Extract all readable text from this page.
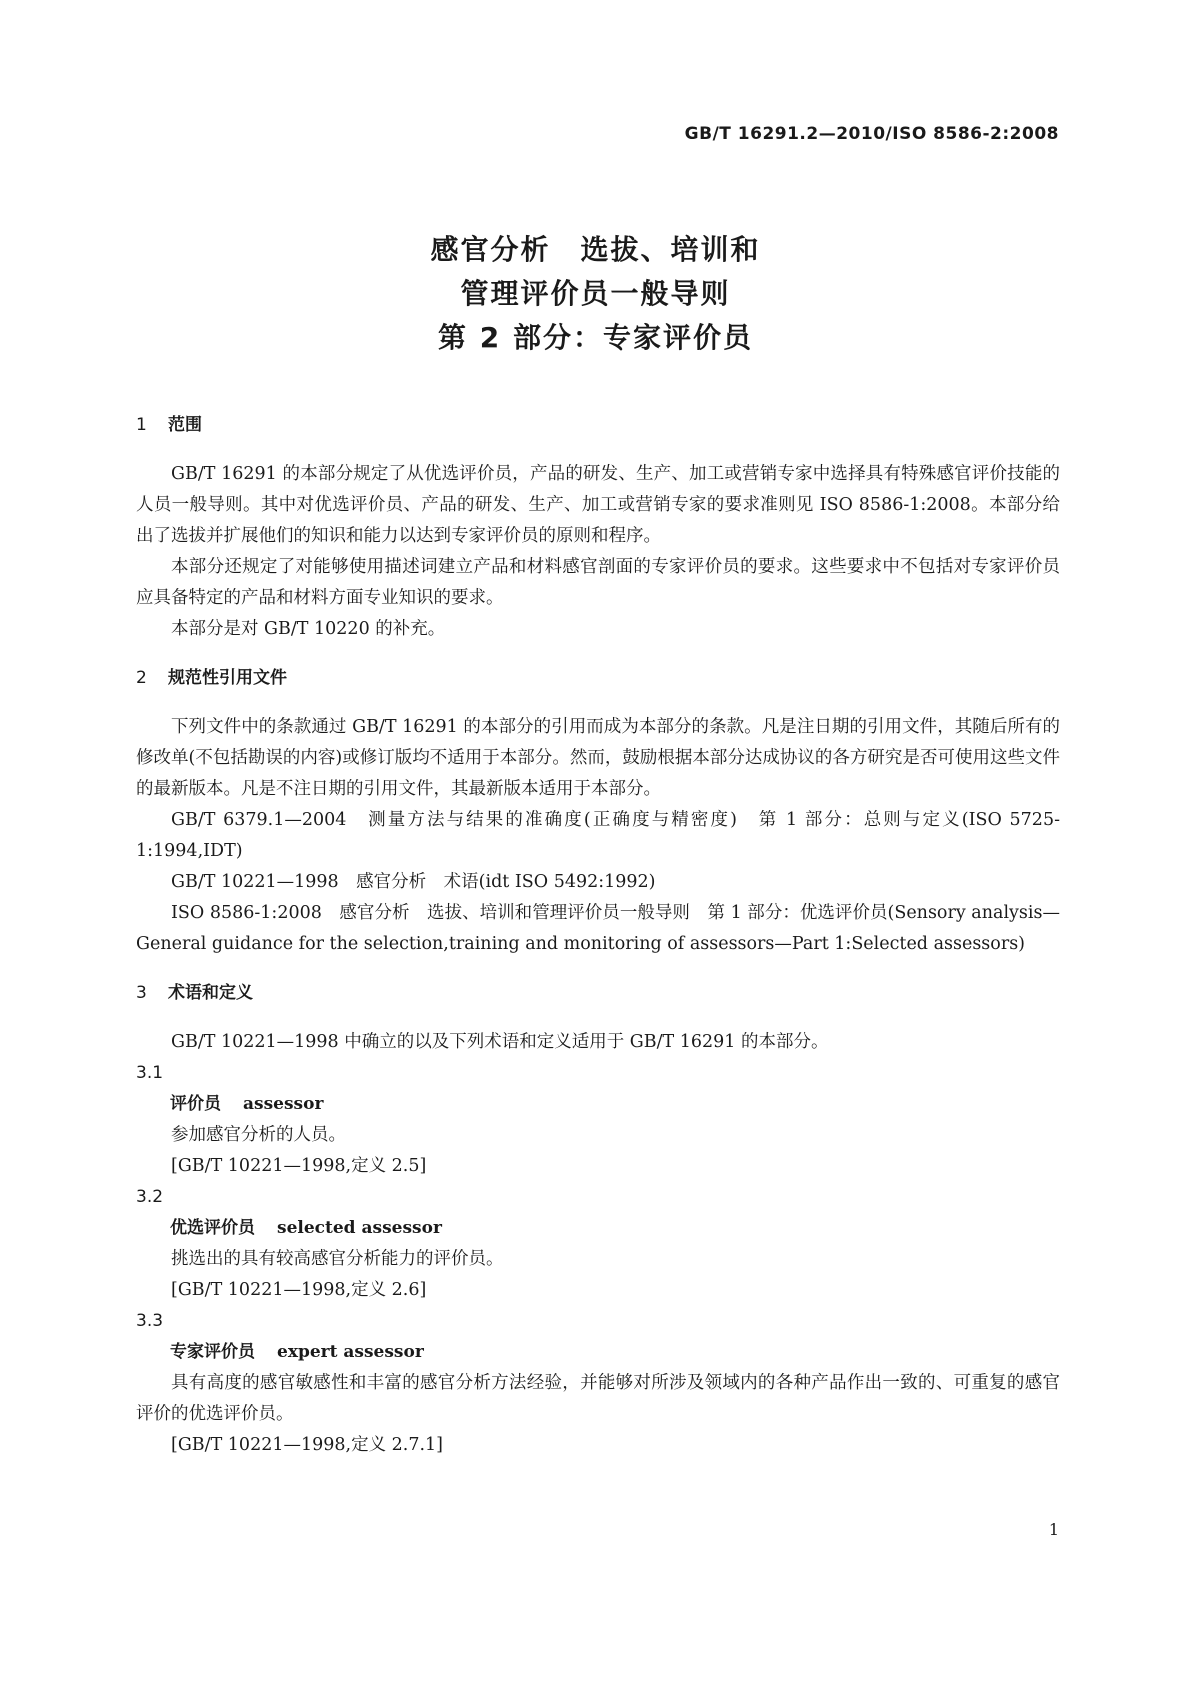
GB/T 16291.2—2010/ISO 8586-2:2008
感官分析　选拔、培训和
管理评价员一般导则
第 2 部分：专家评价员
1 范围

GB/T 16291 的本部分规定了从优选评价员，产品的研发、生产、加工或营销专家中选择具有特殊感官评价技能的人员一般导则。其中对优选评价员、产品的研发、生产、加工或营销专家的要求准则见 ISO 8586-1:2008。本部分给出了选拔并扩展他们的知识和能力以达到专家评价员的原则和程序。

本部分还规定了对能够使用描述词建立产品和材料感官剖面的专家评价员的要求。这些要求中不包括对专家评价员应具备特定的产品和材料方面专业知识的要求。

本部分是对 GB/T 10220 的补充。

2 规范性引用文件

下列文件中的条款通过 GB/T 16291 的本部分的引用而成为本部分的条款。凡是注日期的引用文件，其随后所有的修改单(不包括勘误的内容)或修订版均不适用于本部分。然而，鼓励根据本部分达成协议的各方研究是否可使用这些文件的最新版本。凡是不注日期的引用文件，其最新版本适用于本部分。

GB/T 6379.1—2004　测量方法与结果的准确度(正确度与精密度)　第 1 部分：总则与定义(ISO 5725-1:1994,IDT)

GB/T 10221—1998　感官分析　术语(idt ISO 5492:1992)

ISO 8586-1:2008　感官分析　选拔、培训和管理评价员一般导则　第 1 部分：优选评价员(Sensory analysis—General guidance for the selection,training and monitoring of assessors—Part 1:Selected assessors)

3 术语和定义

GB/T 10221—1998 中确立的以及下列术语和定义适用于 GB/T 16291 的本部分。

3.1

评价员 assessor

参加感官分析的人员。

[GB/T 10221—1998,定义 2.5]

3.2

优选评价员 selected assessor

挑选出的具有较高感官分析能力的评价员。

[GB/T 10221—1998,定义 2.6]

3.3

专家评价员 expert assessor

具有高度的感官敏感性和丰富的感官分析方法经验，并能够对所涉及领域内的各种产品作出一致的、可重复的感官评价的优选评价员。

[GB/T 10221—1998,定义 2.7.1]

1
